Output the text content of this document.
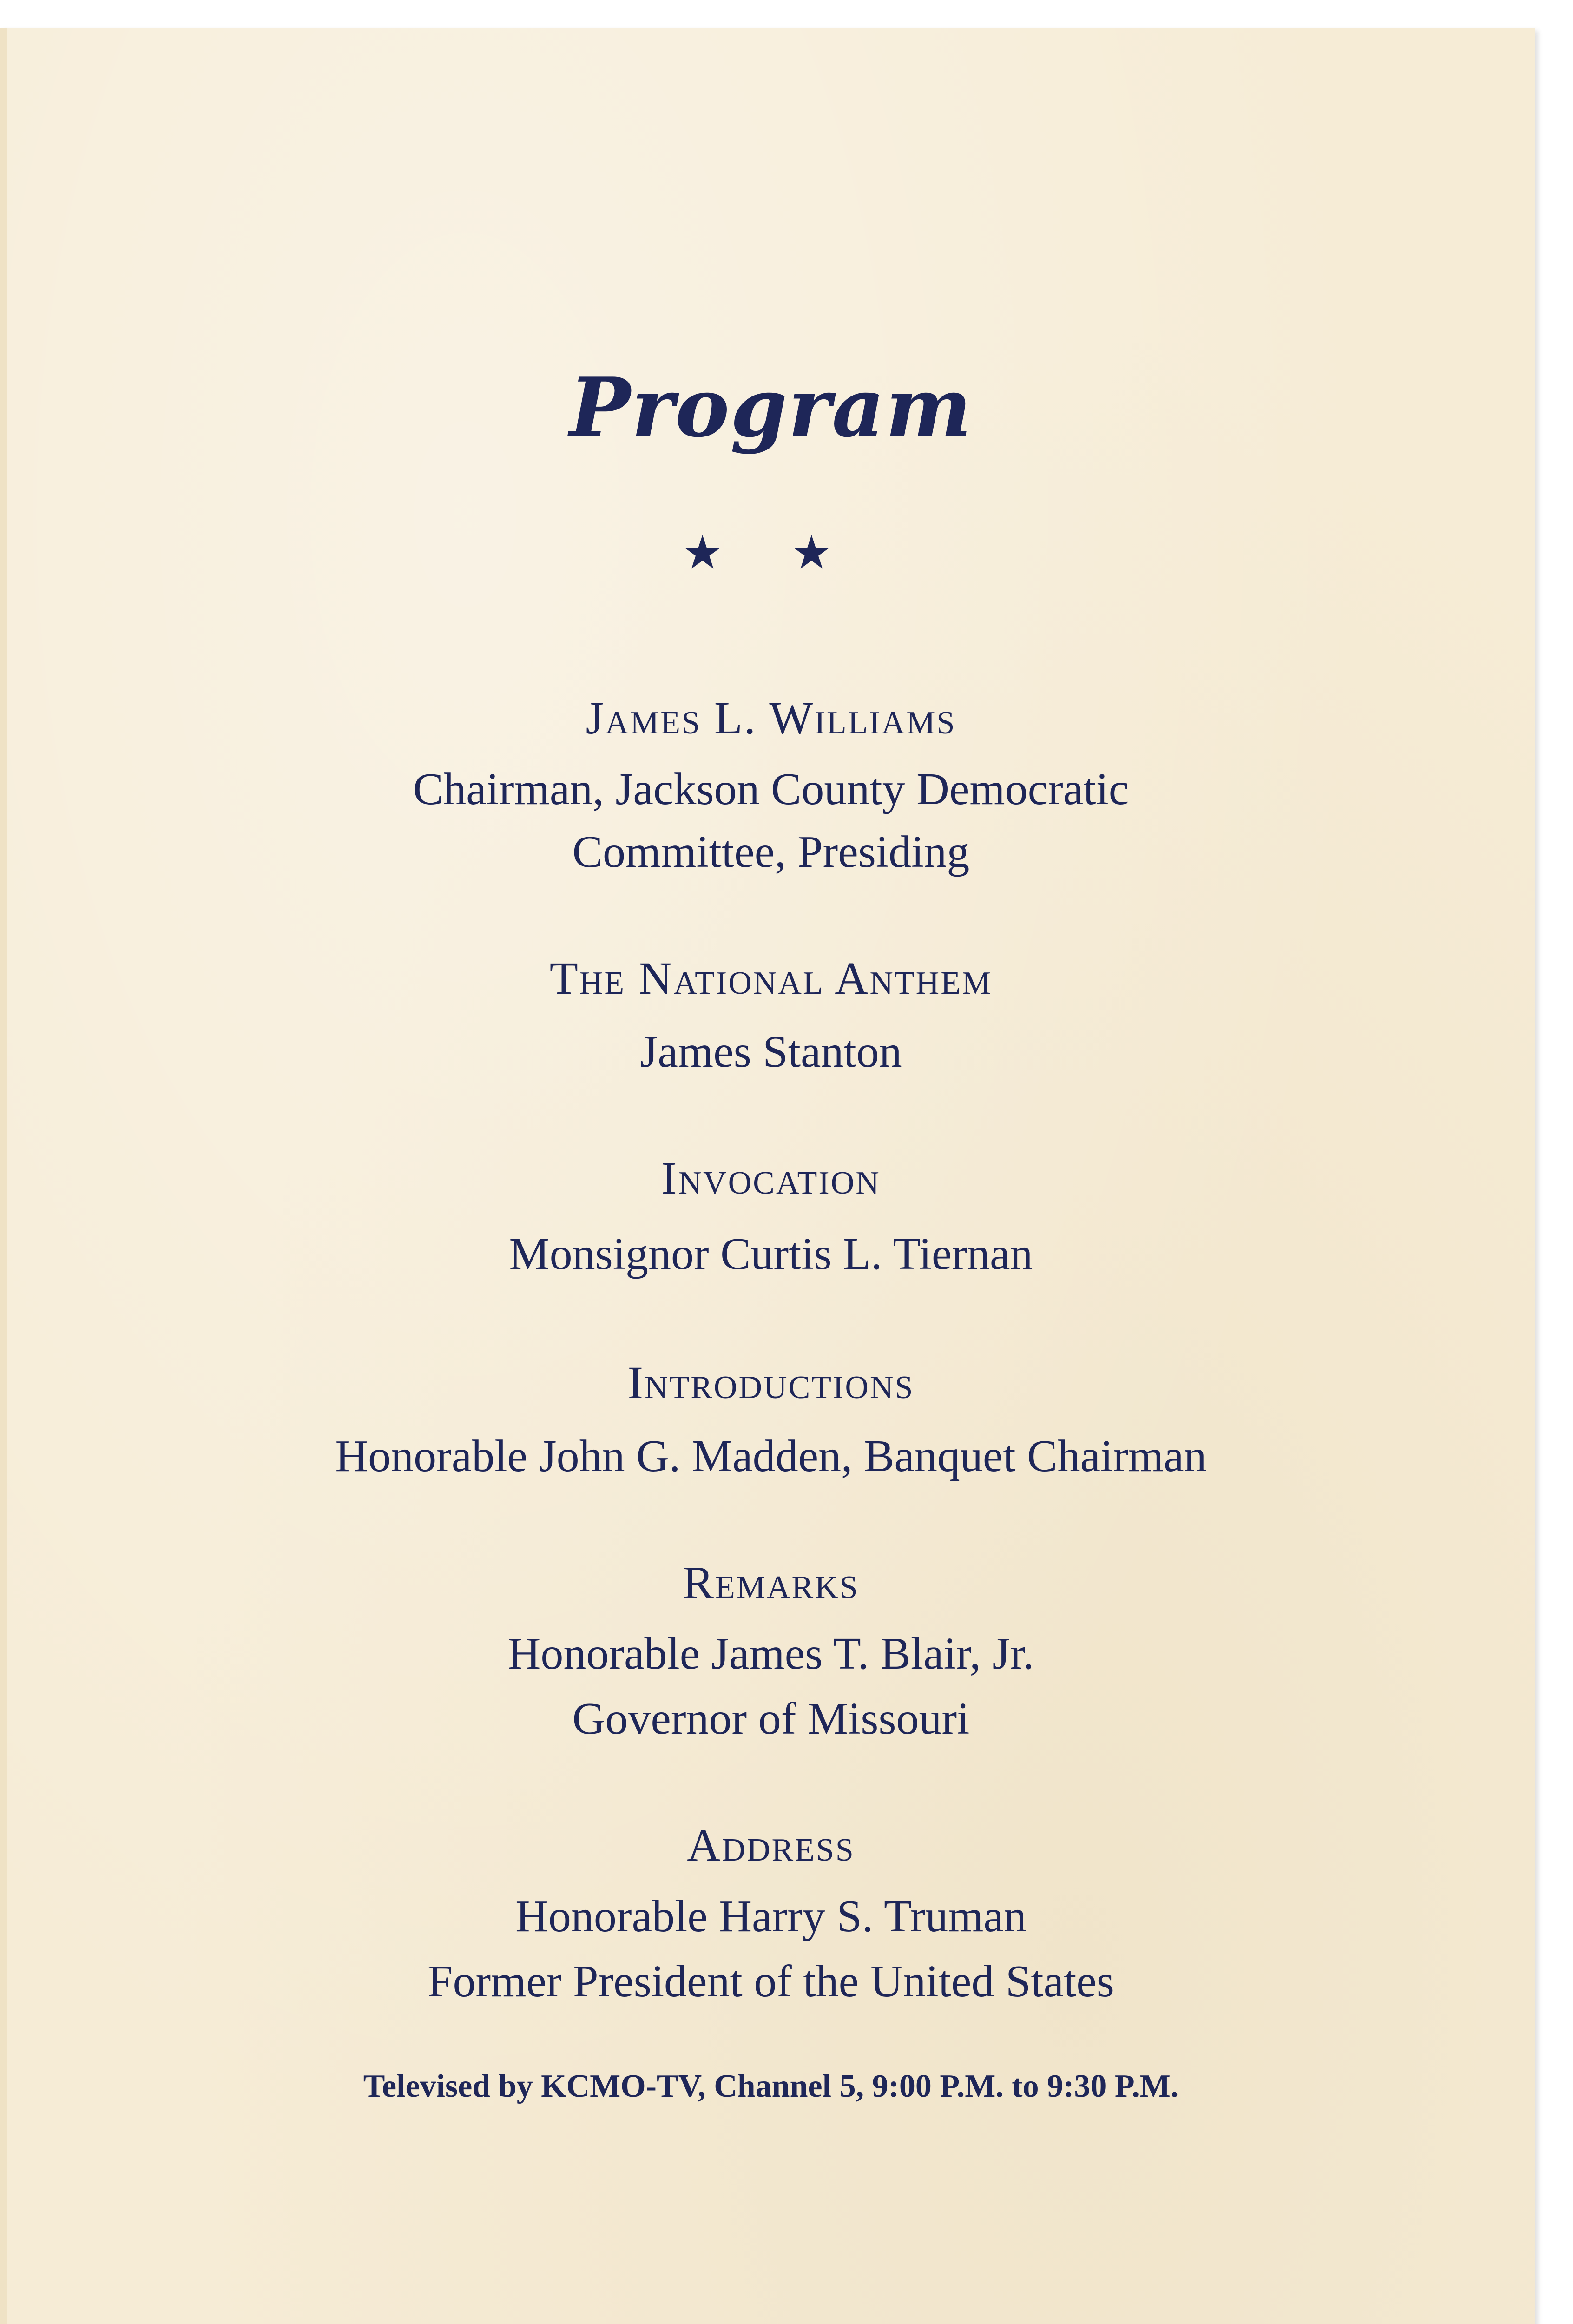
Program
★ ★
James L. Williams
Chairman, Jackson County Democratic
Committee, Presiding
The National Anthem
James Stanton
Invocation
Monsignor Curtis L. Tiernan
Introductions
Honorable John G. Madden, Banquet Chairman
Remarks
Honorable James T. Blair, Jr.
Governor of Missouri
Address
Honorable Harry S. Truman
Former President of the United States
Televised by KCMO-TV, Channel 5, 9:00 P.M. to 9:30 P.M.
